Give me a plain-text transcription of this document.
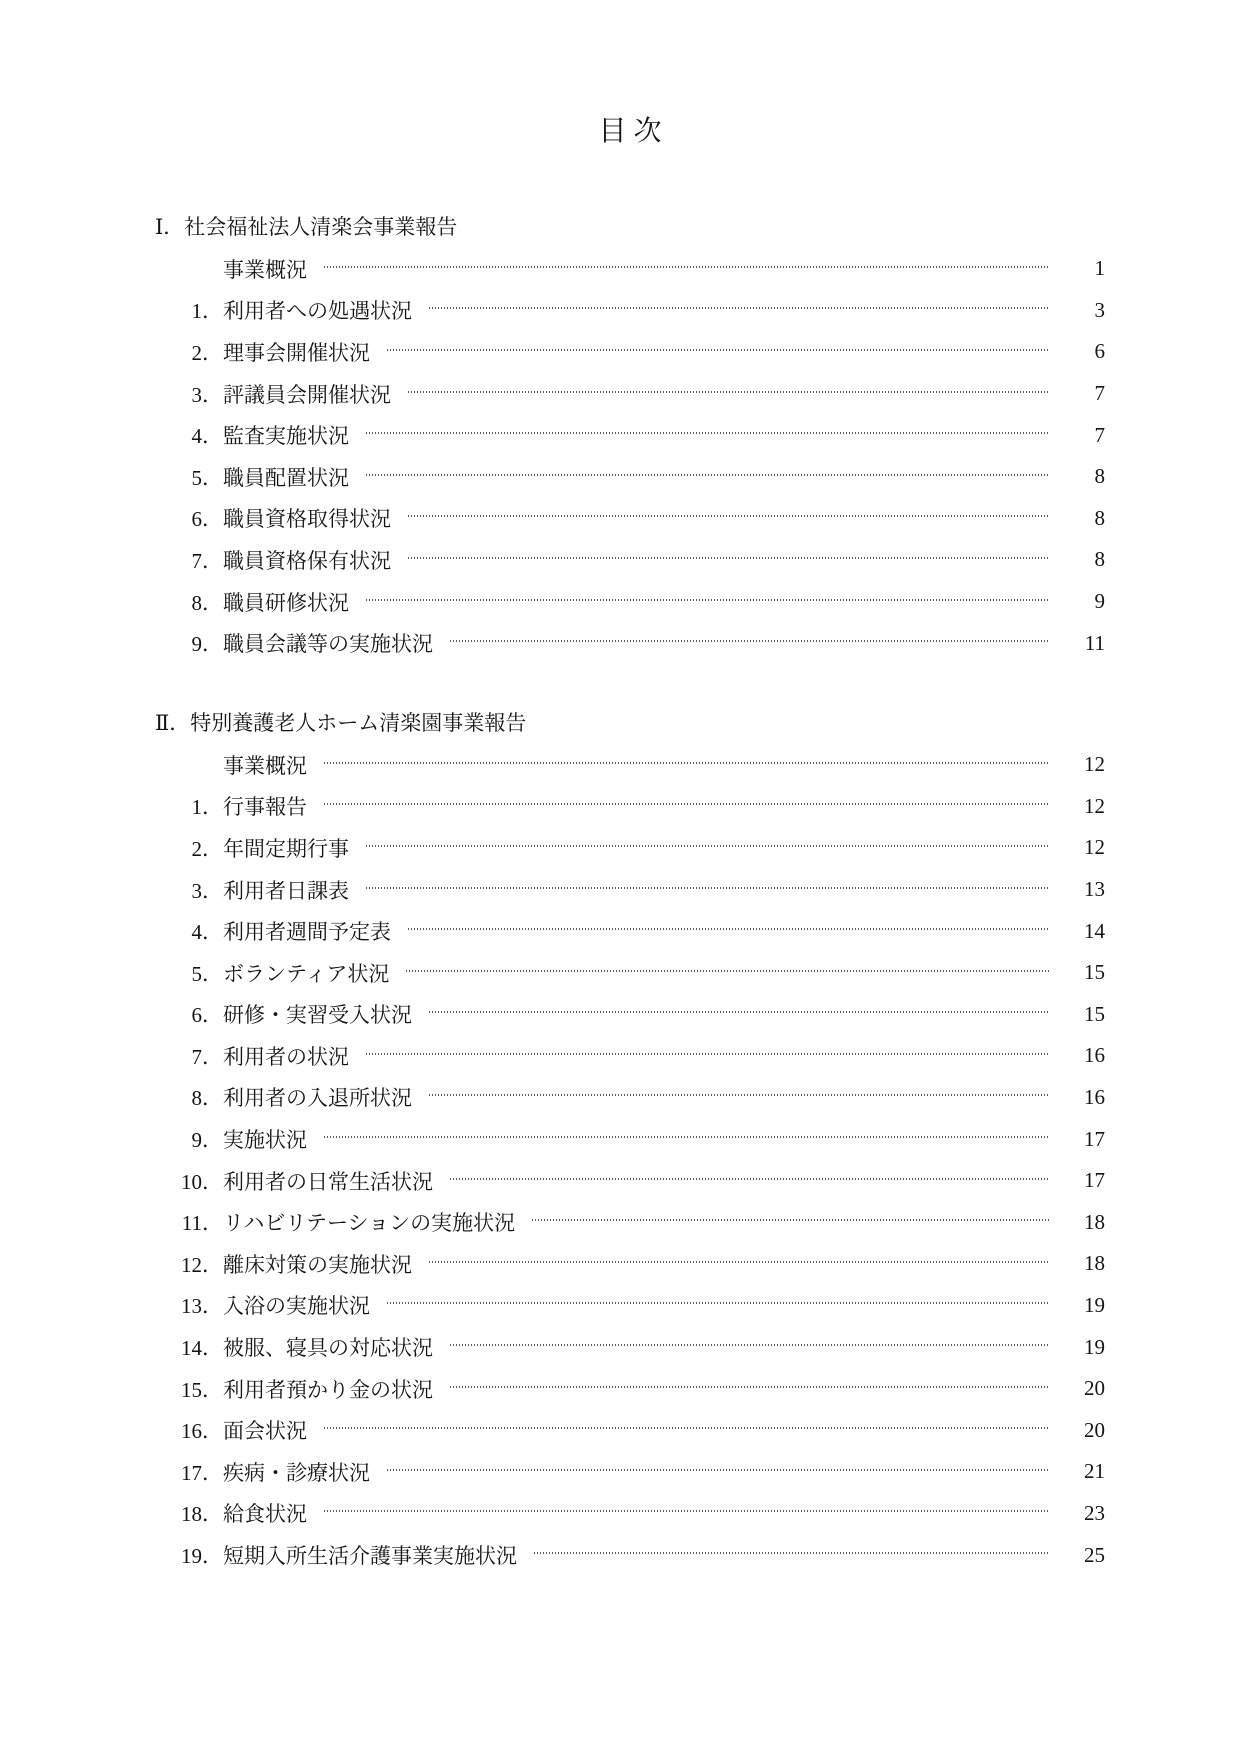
目次
Ⅰ．社会福祉法人清楽会事業報告
事業概況	1
1． 利用者への処遇状況	3
2． 理事会開催状況	6
3． 評議員会開催状況	7
4． 監査実施状況	7
5． 職員配置状況	8
6． 職員資格取得状況	8
7． 職員資格保有状況	8
8． 職員研修状況	9
9． 職員会議等の実施状況	11
Ⅱ．特別養護老人ホーム清楽園事業報告
事業概況	12
1． 行事報告	12
2． 年間定期行事	12
3． 利用者日課表	13
4． 利用者週間予定表	14
5． ボランティア状況	15
6． 研修・実習受入状況	15
7． 利用者の状況	16
8． 利用者の入退所状況	16
9． 実施状況	17
10． 利用者の日常生活状況	17
11． リハビリテーションの実施状況	18
12． 離床対策の実施状況	18
13． 入浴の実施状況	19
14． 被服、寝具の対応状況	19
15． 利用者預かり金の状況	20
16． 面会状況	20
17． 疾病・診療状況	21
18． 給食状況	23
19． 短期入所生活介護事業実施状況	25
